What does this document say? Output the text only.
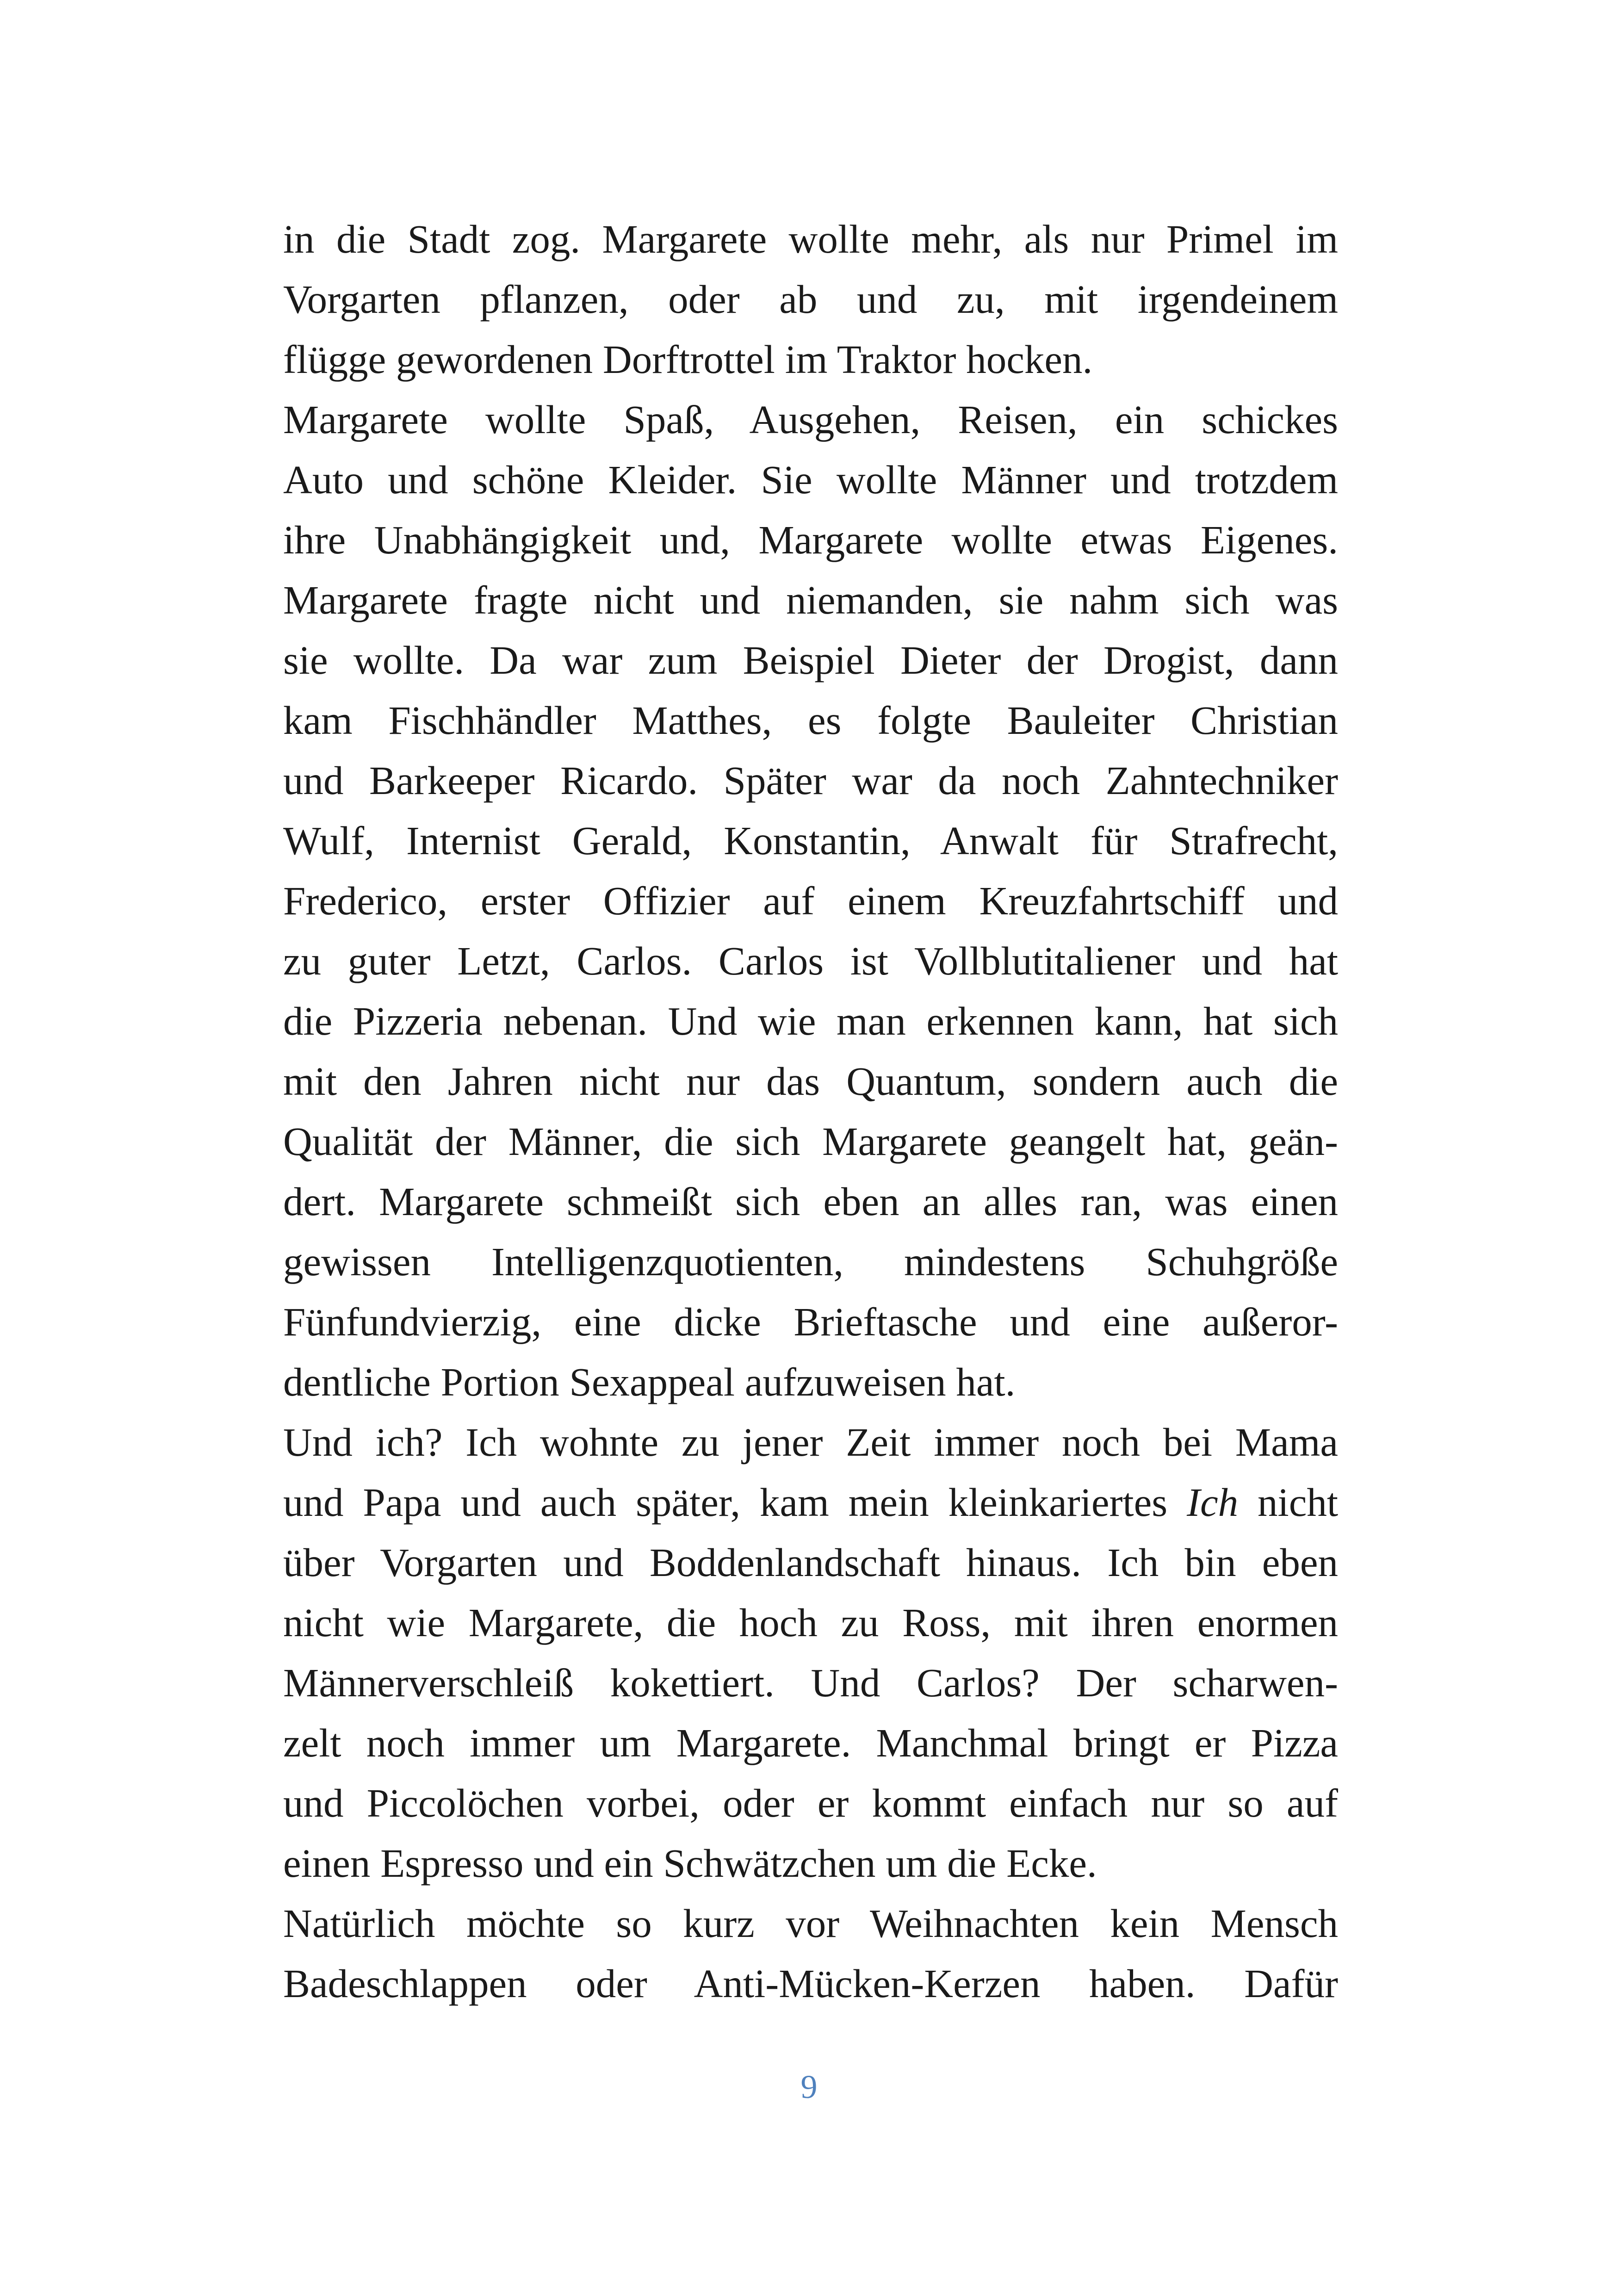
in die Stadt zog. Margarete wollte mehr, als nur Primel im
Vorgarten pflanzen, oder ab und zu, mit irgendeinem
flügge gewordenen Dorftrottel im Traktor hocken.
Margarete wollte Spaß, Ausgehen, Reisen, ein schickes
Auto und schöne Kleider. Sie wollte Männer und trotzdem
ihre Unabhängigkeit und, Margarete wollte etwas Eigenes.
Margarete fragte nicht und niemanden, sie nahm sich was
sie wollte. Da war zum Beispiel Dieter der Drogist, dann
kam Fischhändler Matthes, es folgte Bauleiter Christian
und Barkeeper Ricardo. Später war da noch Zahntechniker
Wulf, Internist Gerald, Konstantin, Anwalt für Strafrecht,
Frederico, erster Offizier auf einem Kreuzfahrtschiff und
zu guter Letzt, Carlos. Carlos ist Vollblutitaliener und hat
die Pizzeria nebenan. Und wie man erkennen kann, hat sich
mit den Jahren nicht nur das Quantum, sondern auch die
Qualität der Männer, die sich Margarete geangelt hat, geän-
dert. Margarete schmeißt sich eben an alles ran, was einen
gewissen Intelligenzquotienten, mindestens Schuhgröße
Fünfundvierzig, eine dicke Brieftasche und eine außeror-
dentliche Portion Sexappeal aufzuweisen hat.
Und ich? Ich wohnte zu jener Zeit immer noch bei Mama
und Papa und auch später, kam mein kleinkariertes Ich nicht
über Vorgarten und Boddenlandschaft hinaus. Ich bin eben
nicht wie Margarete, die hoch zu Ross, mit ihren enormen
Männerverschleiß kokettiert. Und Carlos? Der scharwen-
zelt noch immer um Margarete. Manchmal bringt er Pizza
und Piccolöchen vorbei, oder er kommt einfach nur so auf
einen Espresso und ein Schwätzchen um die Ecke.
Natürlich möchte so kurz vor Weihnachten kein Mensch
Badeschlappen oder Anti-Mücken-Kerzen haben. Dafür
9
